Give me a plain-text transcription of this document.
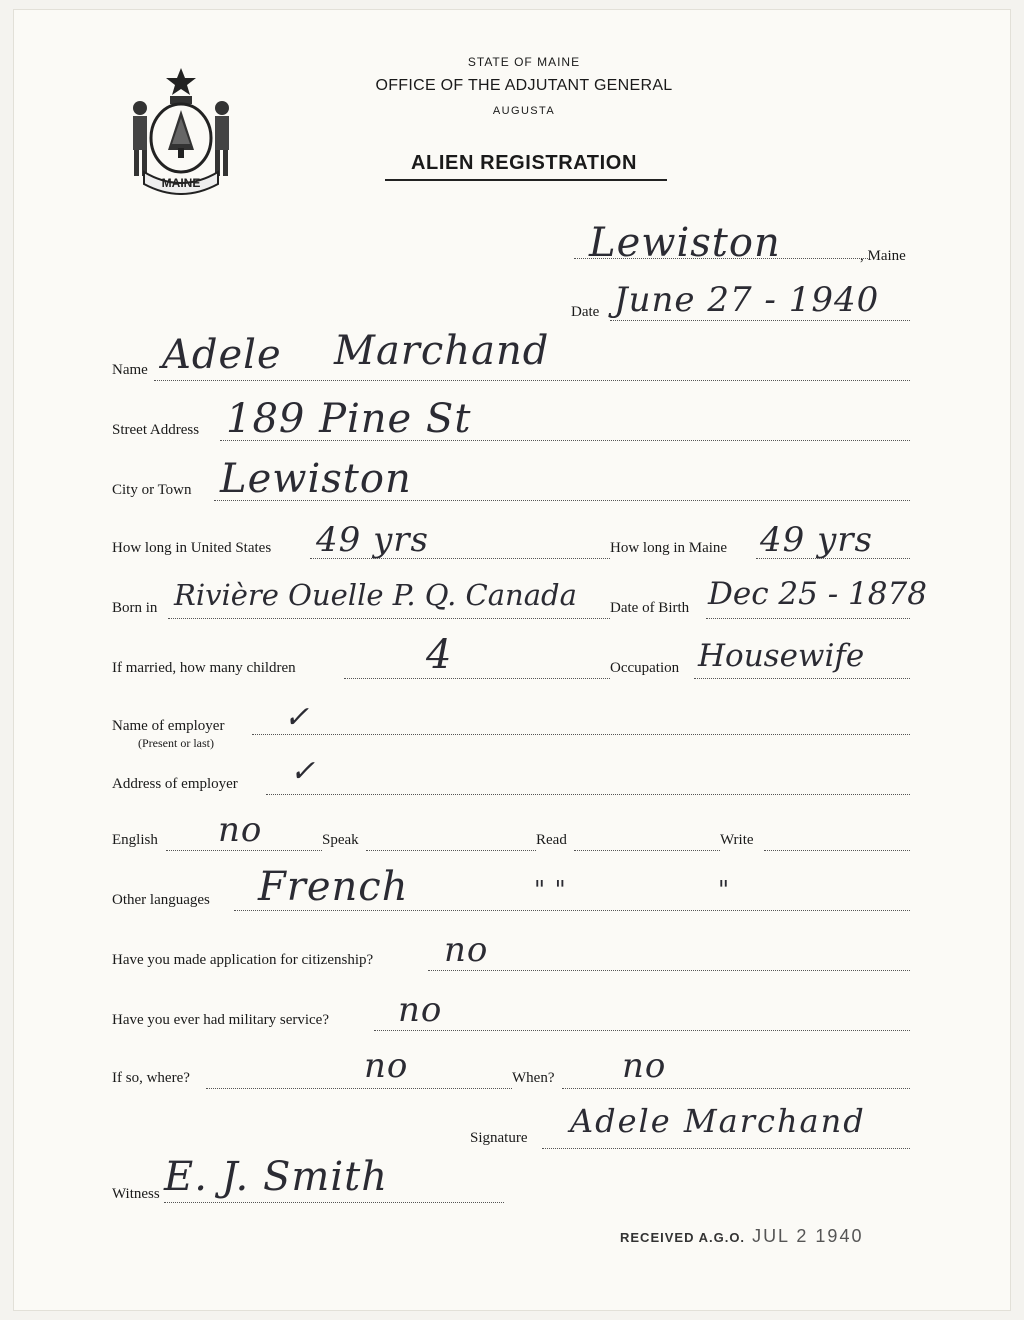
MAINE
STATE OF MAINE
OFFICE OF THE ADJUTANT GENERAL
AUGUSTA
ALIEN REGISTRATION
Lewiston	, Maine
Date June 27 - 1940
Name Adele Marchand
Street Address 189 Pine St
City or Town Lewiston
How long in United States 49 yrs	How long in Maine 49 yrs
Born in Rivière Ouelle P. Q. Canada Date of Birth Dec 25 - 1878
If married, how many children	4	Occupation Housewife
Name of employer
(Present or last)
✓
Address of employer ✓
English no	Speak	Read	Write
Other languages French	" "	"
Have you made application for citizenship? no
Have you ever had military service? no
If so, where?	no	When? no
Signature Adele Marchand
Witness E. J. Smith
RECEIVED A.G.O. JUL 2 1940
